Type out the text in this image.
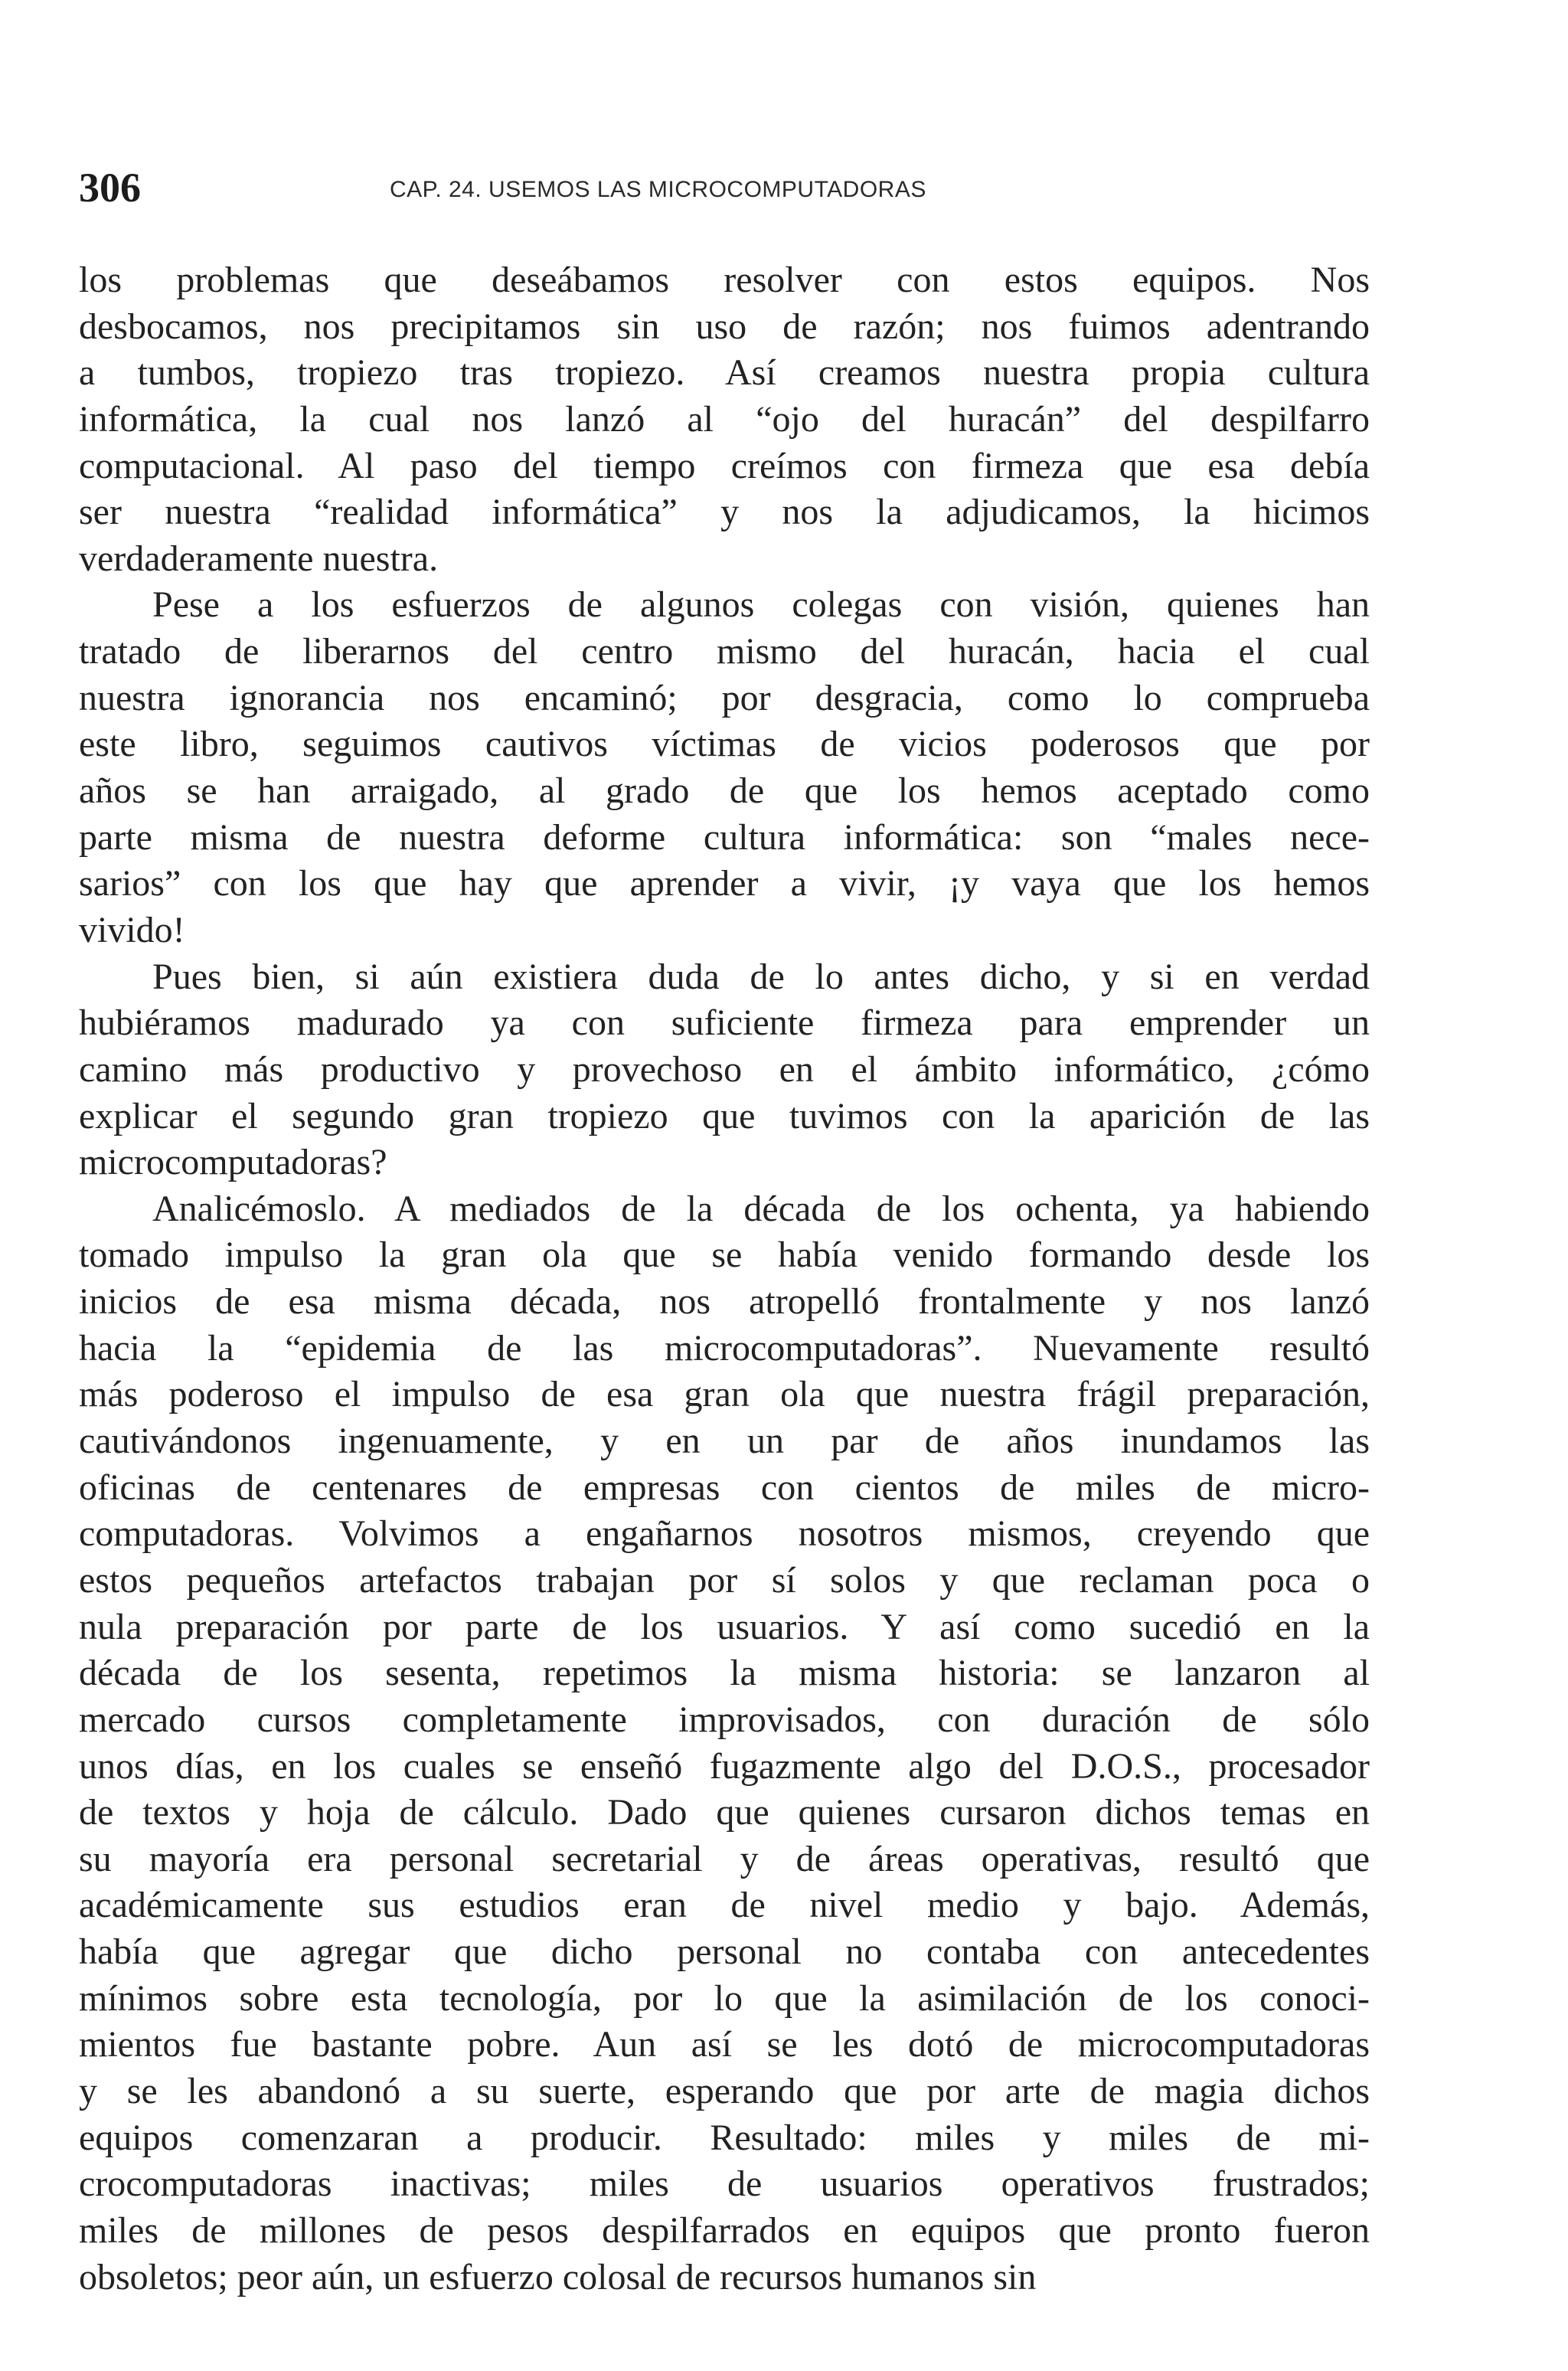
306	CAP. 24. USEMOS LAS MICROCOMPUTADORAS
los problemas que deseábamos resolver con estos equipos. Nos
desbocamos, nos precipitamos sin uso de razón; nos fuimos adentrando
a tumbos, tropiezo tras tropiezo. Así creamos nuestra propia cultura
informática, la cual nos lanzó al “ojo del huracán” del despilfarro
computacional. Al paso del tiempo creímos con firmeza que esa debía
ser nuestra “realidad informática” y nos la adjudicamos, la hicimos
verdaderamente nuestra.
Pese a los esfuerzos de algunos colegas con visión, quienes han
tratado de liberarnos del centro mismo del huracán, hacia el cual
nuestra ignorancia nos encaminó; por desgracia, como lo comprueba
este libro, seguimos cautivos víctimas de vicios poderosos que por
años se han arraigado, al grado de que los hemos aceptado como
parte misma de nuestra deforme cultura informática: son “males nece-
sarios” con los que hay que aprender a vivir, ¡y vaya que los hemos
vivido!
Pues bien, si aún existiera duda de lo antes dicho, y si en verdad
hubiéramos madurado ya con suficiente firmeza para emprender un
camino más productivo y provechoso en el ámbito informático, ¿cómo
explicar el segundo gran tropiezo que tuvimos con la aparición de las
microcomputadoras?
Analicémoslo. A mediados de la década de los ochenta, ya habiendo
tomado impulso la gran ola que se había venido formando desde los
inicios de esa misma década, nos atropelló frontalmente y nos lanzó
hacia la “epidemia de las microcomputadoras”. Nuevamente resultó
más poderoso el impulso de esa gran ola que nuestra frágil preparación,
cautivándonos ingenuamente, y en un par de años inundamos las
oficinas de centenares de empresas con cientos de miles de micro-
computadoras. Volvimos a engañarnos nosotros mismos, creyendo que
estos pequeños artefactos trabajan por sí solos y que reclaman poca o
nula preparación por parte de los usuarios. Y así como sucedió en la
década de los sesenta, repetimos la misma historia: se lanzaron al
mercado cursos completamente improvisados, con duración de sólo
unos días, en los cuales se enseñó fugazmente algo del D.O.S., procesador
de textos y hoja de cálculo. Dado que quienes cursaron dichos temas en
su mayoría era personal secretarial y de áreas operativas, resultó que
académicamente sus estudios eran de nivel medio y bajo. Además,
había que agregar que dicho personal no contaba con antecedentes
mínimos sobre esta tecnología, por lo que la asimilación de los conoci-
mientos fue bastante pobre. Aun así se les dotó de microcomputadoras
y se les abandonó a su suerte, esperando que por arte de magia dichos
equipos comenzaran a producir. Resultado: miles y miles de mi-
crocomputadoras inactivas; miles de usuarios operativos frustrados;
miles de millones de pesos despilfarrados en equipos que pronto fueron
obsoletos; peor aún, un esfuerzo colosal de recursos humanos sin
